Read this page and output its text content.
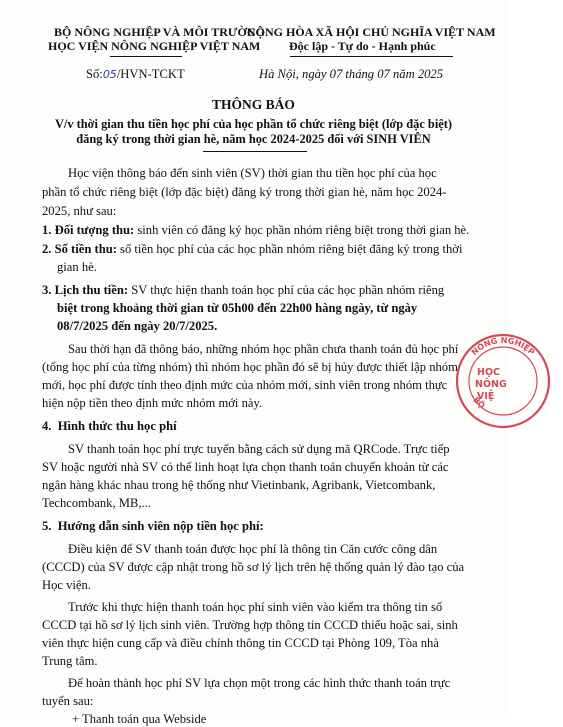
BỘ NÔNG NGHIỆP VÀ MÔI TRƯỜNG
HỌC VIỆN NÔNG NGHIỆP VIỆT NAM
CỘNG HÒA XÃ HỘI CHỦ NGHĨA VIỆT NAM
Độc lập - Tự do - Hạnh phúc
Số:05/HVN-TCKT	Hà Nội, ngày 07 tháng 07 năm 2025
THÔNG BÁO
V/v thời gian thu tiền học phí của học phần tổ chức riêng biệt (lớp đặc biệt)
đăng ký trong thời gian hè, năm học 2024-2025 đối với SINH VIÊN
Học viện thông báo đến sinh viên (SV) thời gian thu tiền học phí của học
phần tổ chức riêng biệt (lớp đặc biệt) đăng ký trong thời gian hè, năm học 2024-
2025, như sau:
1. Đối tượng thu: sinh viên có đăng ký học phần nhóm riêng biệt trong thời gian hè.
2. Số tiền thu: số tiền học phí của các học phần nhóm riêng biệt đăng ký trong thời
gian hè.
3. Lịch thu tiền: SV thực hiện thanh toán học phí của các học phần nhóm riêng
biệt trong khoảng thời gian từ 05h00 đến 22h00 hàng ngày, từ ngày
08/7/2025 đến ngày 20/7/2025.
Sau thời hạn đã thông báo, những nhóm học phần chưa thanh toán đủ học phí
(tổng học phí của từng nhóm) thì nhóm học phần đó sẽ bị hủy được thiết lập nhóm
mới, học phí được tính theo định mức của nhóm mới, sinh viên trong nhóm thực
hiện nộp tiền theo định mức nhóm mới này.
4. Hình thức thu học phí
SV thanh toán học phí trực tuyến bằng cách sử dụng mã QRCode. Trực tiếp
SV hoặc người nhà SV có thể linh hoạt lựa chọn thanh toán chuyển khoản từ các
ngân hàng khác nhau trong hệ thống như Vietinbank, Agribank, Vietcombank,
Techcombank, MB,...
5. Hướng dẫn sinh viên nộp tiền học phí:
Điều kiện để SV thanh toán được học phí là thông tin Căn cước công dân
(CCCD) của SV được cập nhật trong hồ sơ lý lịch trên hệ thống quản lý đào tạo của
Học viện.
Trước khi thực hiện thanh toán học phí sinh viên vào kiểm tra thông tin số
CCCD tại hồ sơ lý lịch sinh viên. Trường hợp thông tin CCCD thiếu hoặc sai, sinh
viên thực hiện cung cấp và điều chỉnh thông tin CCCD tại Phòng 109, Tòa nhà
Trung tâm.
Để hoàn thành học phí SV lựa chọn một trong các hình thức thanh toán trực
tuyến sau:
+ Thanh toán qua Webside
NÔNG NGHIỆP
BỘ
HỌC
NÔNG
VIỆ
